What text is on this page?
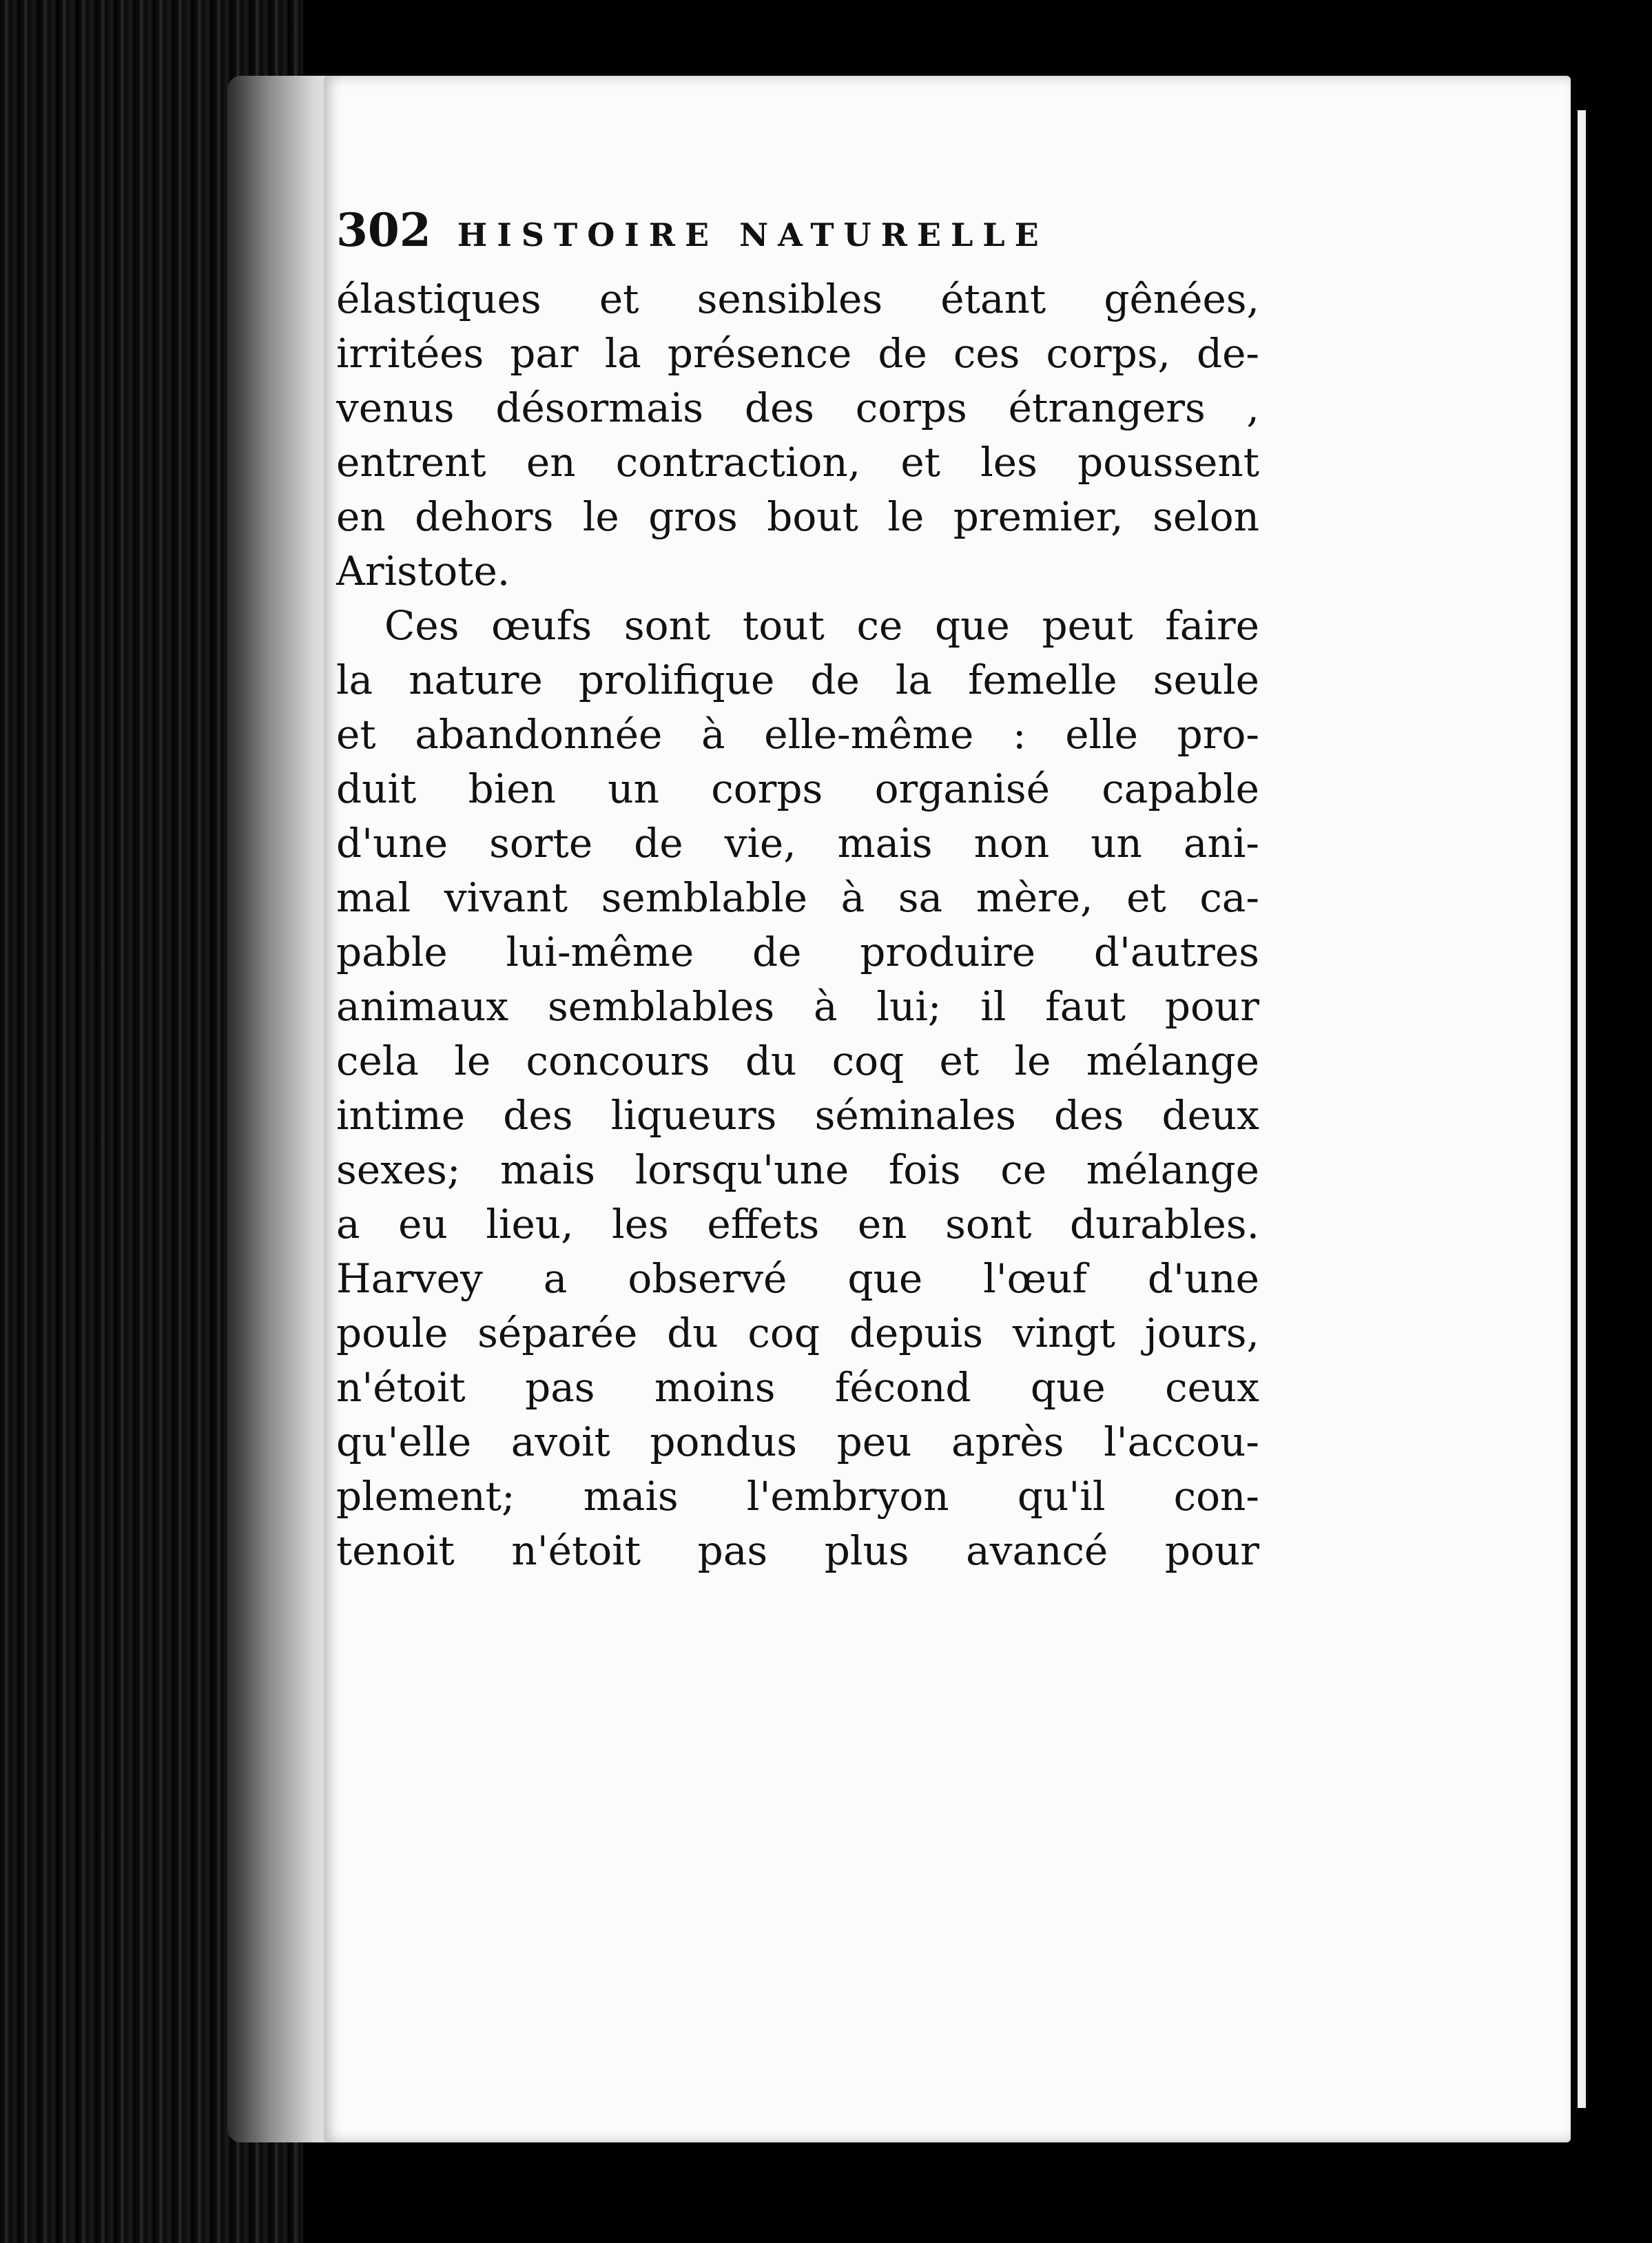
302 HISTOIRE NATURELLE
élastiques et sensibles étant gênées,
irritées par la présence de ces corps, de-
venus désormais des corps étrangers ,
entrent en contraction, et les poussent
en dehors le gros bout le premier, selon
Aristote.
Ces œufs sont tout ce que peut faire
la nature prolifique de la femelle seule
et abandonnée à elle-même : elle pro-
duit bien un corps organisé capable
d'une sorte de vie, mais non un ani-
mal vivant semblable à sa mère, et ca-
pable lui-même de produire d'autres
animaux semblables à lui; il faut pour
cela le concours du coq et le mélange
intime des liqueurs séminales des deux
sexes; mais lorsqu'une fois ce mélange
a eu lieu, les effets en sont durables.
Harvey a observé que l'œuf d'une
poule séparée du coq depuis vingt jours,
n'étoit pas moins fécond que ceux
qu'elle avoit pondus peu après l'accou-
plement; mais l'embryon qu'il con-
tenoit n'étoit pas plus avancé pour
